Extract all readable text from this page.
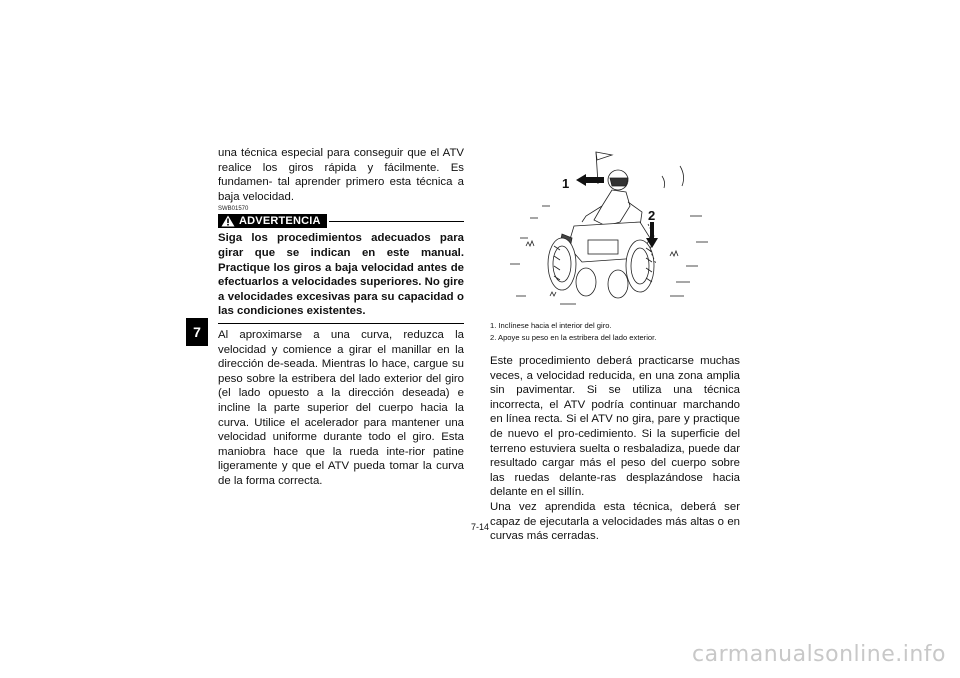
7

una técnica especial para conseguir que el ATV realice los giros rápida y fácilmente. Es fundamen- tal aprender primero esta técnica a baja velocidad.

SWB01570
ADVERTENCIA

Siga los procedimientos adecuados para girar que se indican en este manual. Practique los giros a baja velocidad antes de efectuarlos a velocidades superiores. No gire a velocidades excesivas para su capacidad o las condiciones existentes.

Al aproximarse a una curva, reduzca la velocidad y comience a girar el manillar en la dirección de-seada. Mientras lo hace, cargue su peso sobre la estribera del lado exterior del giro (el lado opuesto a la dirección deseada) e incline la parte superior del cuerpo hacia la curva. Utilice el acelerador para mantener una velocidad uniforme durante todo el giro. Esta maniobra hace que la rueda inte-rior patine ligeramente y que el ATV pueda tomar la curva de la forma correcta.

1
2
1. Inclínese hacia el interior del giro.
2. Apoye su peso en la estribera del lado exterior.

Este procedimiento deberá practicarse muchas veces, a velocidad reducida, en una zona amplia sin pavimentar. Si se utiliza una técnica incorrecta, el ATV podría continuar marchando en línea recta. Si el ATV no gira, pare y practique de nuevo el pro-cedimiento. Si la superficie del terreno estuviera suelta o resbaladiza, puede dar resultado cargar más el peso del cuerpo sobre las ruedas delante-ras desplazándose hacia delante en el sillín.

Una vez aprendida esta técnica, deberá ser capaz de ejecutarla a velocidades más altas o en curvas más cerradas.

7-14
carmanualsonline.info
